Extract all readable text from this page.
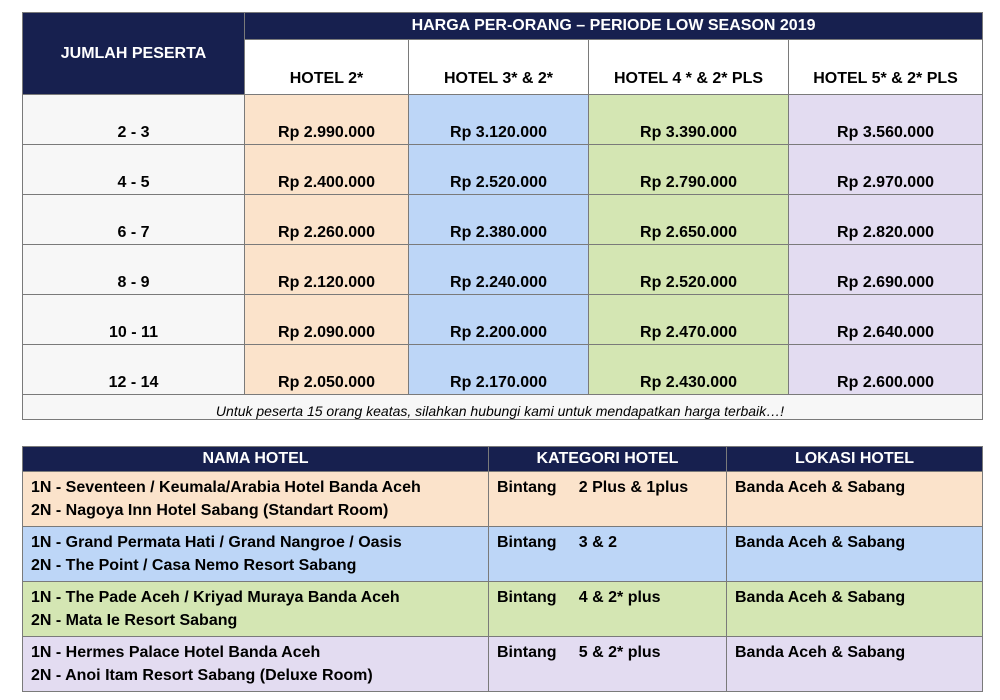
JUMLAH PESERTA	HARGA PER-ORANG – PERIODE LOW SEASON 2019			
	HOTEL 2*	HOTEL 3* & 2*	HOTEL 4 * & 2* PLS	HOTEL 5* & 2* PLS
2 - 3	Rp 2.990.000	Rp 3.120.000	Rp 3.390.000	Rp 3.560.000
4 - 5	Rp 2.400.000	Rp 2.520.000	Rp 2.790.000	Rp 2.970.000
6 - 7	Rp 2.260.000	Rp 2.380.000	Rp 2.650.000	Rp 2.820.000
8 - 9	Rp 2.120.000	Rp 2.240.000	Rp 2.520.000	Rp 2.690.000
10 - 11	Rp 2.090.000	Rp 2.200.000	Rp 2.470.000	Rp 2.640.000
12 - 14	Rp 2.050.000	Rp 2.170.000	Rp 2.430.000	Rp 2.600.000

Untuk peserta 15 orang keatas, silahkan hubungi kami untuk mendapatkan harga terbaik…!
NAMA HOTEL	KATEGORI HOTEL	LOKASI HOTEL

1N - Seventeen / Keumala/Arabia Hotel Banda Aceh
2N - Nagoya Inn Hotel Sabang (Standart Room)	Bintang     2 Plus & 1plus	Banda Aceh & Sabang

1N - Grand Permata Hati / Grand Nangroe / Oasis
2N - The Point / Casa Nemo Resort Sabang	Bintang     3 & 2	Banda Aceh & Sabang

1N - The Pade Aceh / Kriyad Muraya Banda Aceh
2N - Mata Ie Resort Sabang	Bintang     4 & 2* plus	Banda Aceh & Sabang

1N - Hermes Palace Hotel Banda Aceh
2N - Anoi Itam Resort Sabang (Deluxe Room)	Bintang     5 & 2* plus	Banda Aceh & Sabang
